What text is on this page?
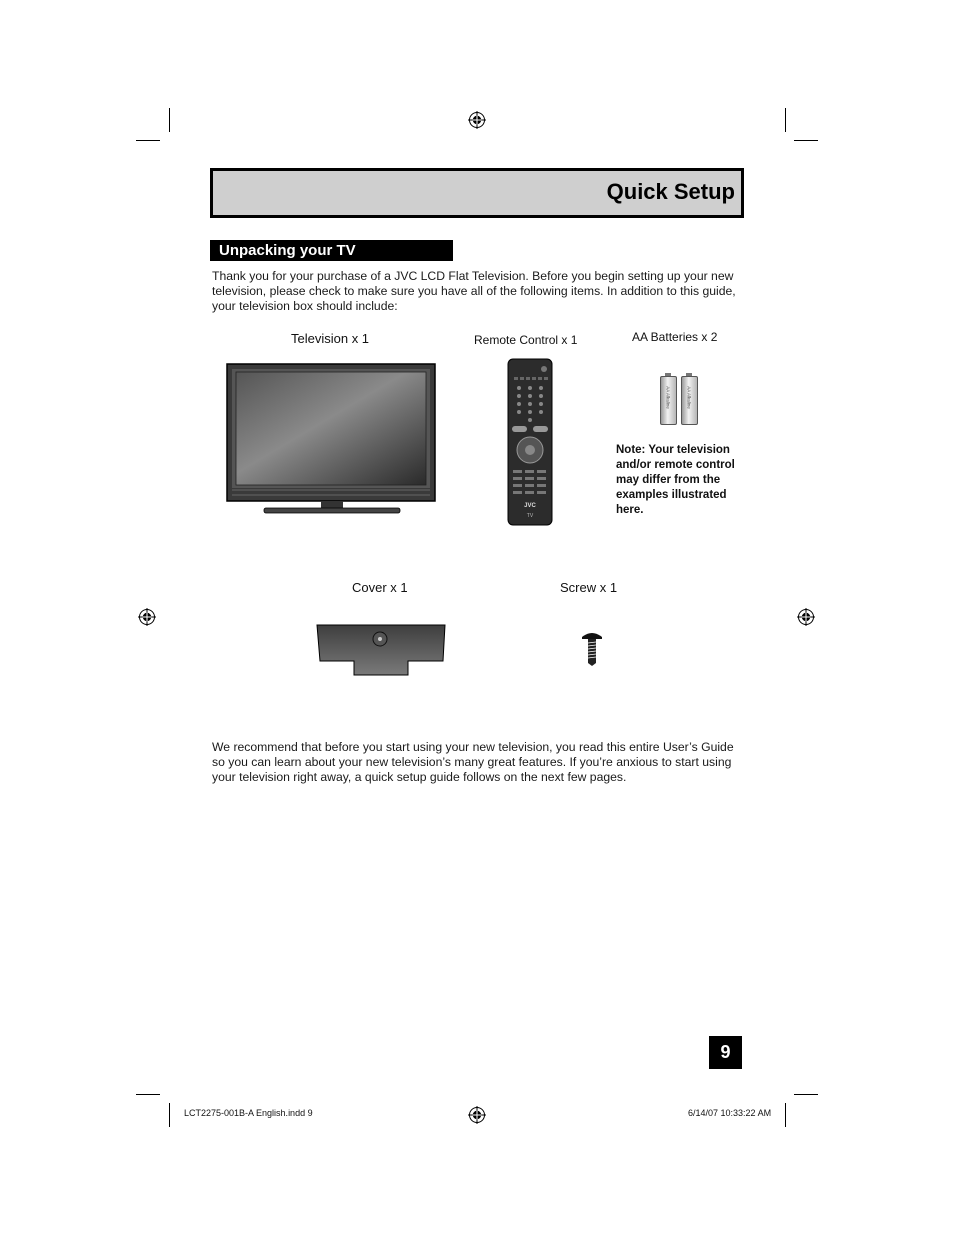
Quick Setup
Unpacking your TV
Thank you for your purchase of a JVC LCD Flat Television. Before you begin setting up your new television, please check to make sure you have all of the following items. In addition to this guide, your television box should include:
Television x 1	Remote Control x 1	AA Batteries x 2
JVC
TV
AA Alkaline	AA Alkaline
Note: Your television and/or remote control may differ from the examples illustrated here.
Cover x 1	Screw x 1
We recommend that before you start using your new television, you read this entire User’s Guide so you can learn about your new television’s many great features. If you’re anxious to start using your television right away, a quick setup guide follows on the next few pages.
9
LCT2275-001B-A English.indd 9	6/14/07 10:33:22 AM
